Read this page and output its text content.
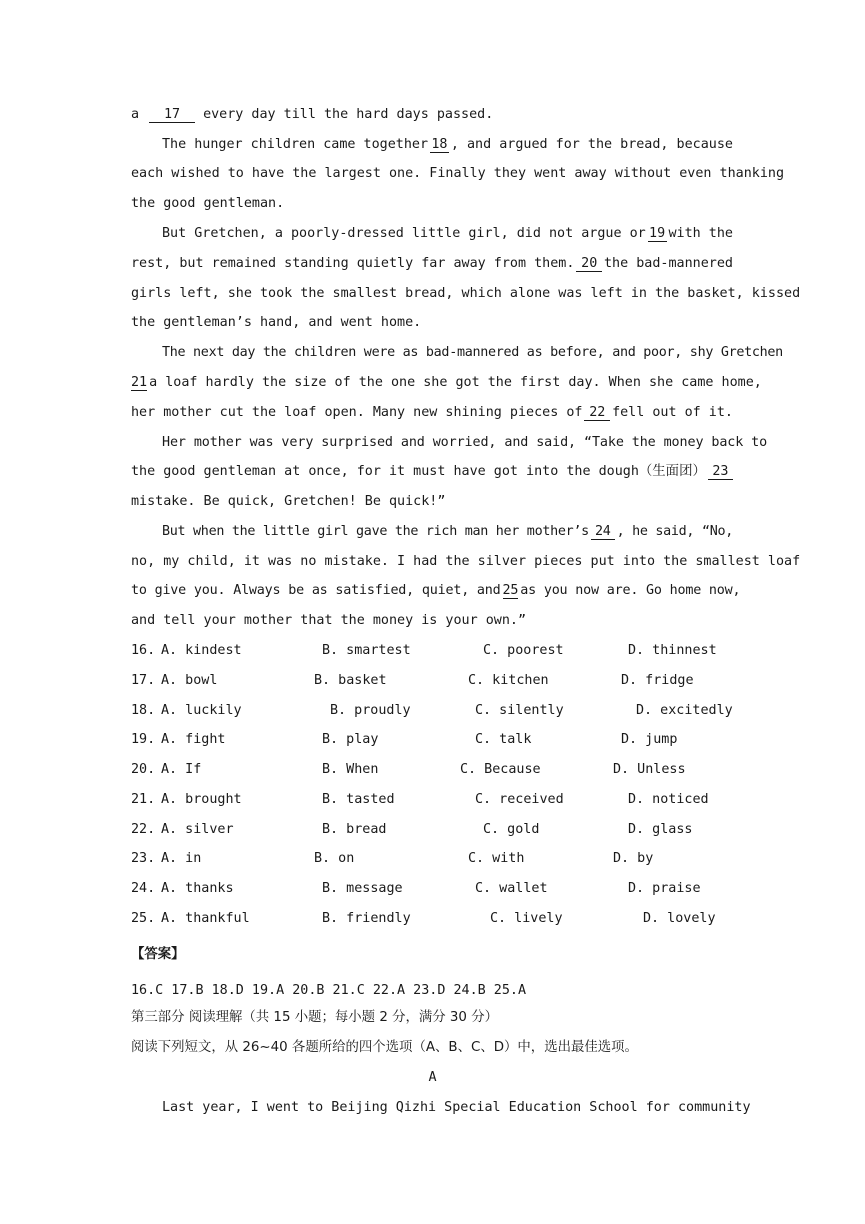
a	17	every day till the hard days passed.
The hunger children came together 18 , and argued for the bread, because
each wished to have the largest one. Finally they went away without even thanking
the good gentleman.
But Gretchen, a poorly-dressed little girl, did not argue or 19 with the
rest, but remained standing quietly far away from them. 20 the bad-mannered
girls left, she took the smallest bread, which alone was left in the basket, kissed
the gentleman’s hand, and went home.
The next day the children were as bad-mannered as before, and poor, shy Gretchen
21 a loaf hardly the size of the one she got the first day. When she came home,
her mother cut the loaf open. Many new shining pieces of 22 fell out of it.
Her mother was very surprised and worried, and said, “Take the money back to
the good gentleman at once, for it must have got into the dough（生面团） 23
mistake. Be quick, Gretchen! Be quick!”
But when the little girl gave the rich man her mother’s 24 , he said, “No,
no, my child, it was no mistake. I had the silver pieces put into the smallest loaf
to give you. Always be as satisfied, quiet, and 25 as you now are. Go home now,
and tell your mother that the money is your own.”
16. A. kindest	B. smartest	C. poorest	D. thinnest
17. A. bowl	B. basket	C. kitchen	D. fridge
18. A. luckily	B. proudly	C. silently	D. excitedly
19. A. fight	B. play	C. talk	D. jump
20. A. If	B. When	C. Because	D. Unless
21. A. brought	B. tasted	C. received	D. noticed
22. A. silver	B. bread	C. gold	D. glass
23. A. in	B. on	C. with	D. by
24. A. thanks	B. message	C. wallet	D. praise
25. A. thankful	B. friendly	C. lively	D. lovely
【答案】
16.C 17.B 18.D 19.A 20.B 21.C 22.A 23.D 24.B 25.A
第三部分 阅读理解（共 15 小题；每小题 2 分，满分 30 分）
阅读下列短文，从 26~40 各题所给的四个选项（A、B、C、D）中，选出最佳选项。
A
Last year, I went to Beijing Qizhi Special Education School for community
